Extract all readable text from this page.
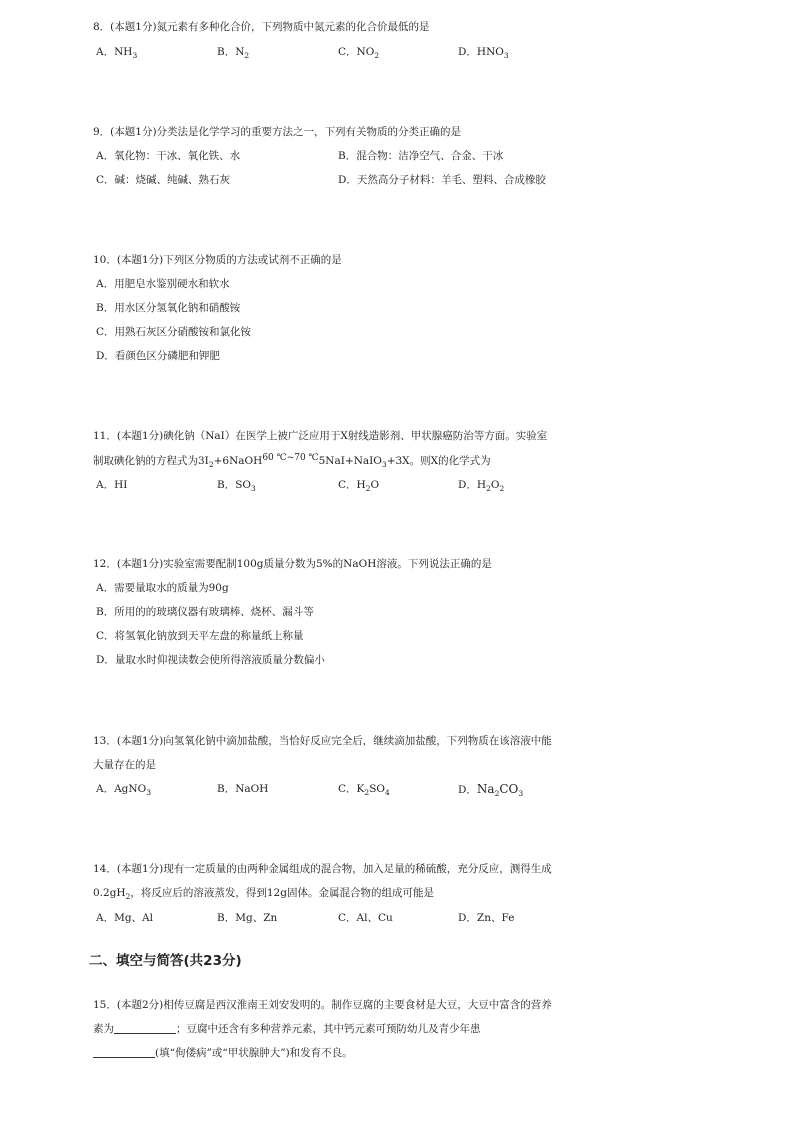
8．(本题1分)氮元素有多种化合价，下列物质中氮元素的化合价最低的是
A．$NH_3$	B．$N_2$	C．$NO_2$	D．$HNO_3$
9．(本题1分)分类法是化学学习的重要方法之一，下列有关物质的分类正确的是
A．氧化物：干冰、氧化铁、水	B．混合物：洁净空气、合金、干冰
C．碱：烧碱、纯碱、熟石灰	D．天然高分子材料：羊毛、塑料、合成橡胶
10．(本题1分)下列区分物质的方法或试剂不正确的是
A．用肥皂水鉴别硬水和软水
B．用水区分氢氧化钠和硝酸铵
C．用熟石灰区分硝酸铵和氯化铵
D．看颜色区分磷肥和钾肥
11．(本题1分)碘化钠（NaI）在医学上被广泛应用于X射线造影剂、甲状腺癌防治等方面。实验室
制取碘化钠的方程式为$3I_2+6NaOH60$ ℃~70 ℃5NaI+NaIO$_3$+3X。则X的化学式为
A．HI	B．$SO_3$	C．$H_2O$	D．$H_2O_2$
12．(本题1分)实验室需要配制100g质量分数为5%的NaOH溶液。下列说法正确的是
A．需要量取水的质量为90g
B．所用的的玻璃仪器有玻璃棒、烧杯、漏斗等
C．将氢氧化钠放到天平左盘的称量纸上称量
D．量取水时仰视读数会使所得溶液质量分数偏小
13．(本题1分)向氢氧化钠中滴加盐酸，当恰好反应完全后，继续滴加盐酸，下列物质在该溶液中能
大量存在的是
A．AgNO$_3$	B．NaOH	C．$K_2SO_4$	D．$Na_2CO_3$
14．(本题1分)现有一定质量的由两种金属组成的混合物，加入足量的稀硫酸，充分反应，测得生成
$0.2gH_2$，将反应后的溶液蒸发，得到12g固体。金属混合物的组成可能是
A．Mg、Al	B．Mg、Zn	C．Al、Cu	D．Zn、Fe
二、填空与简答(共23分)
15．(本题2分)相传豆腐是西汉淮南王刘安发明的。制作豆腐的主要食材是大豆，大豆中富含的营养
素为	；豆腐中还含有多种营养元素，其中钙元素可预防幼儿及青少年患
(填“佝偻病”或“甲状腺肿大”)和发育不良。
